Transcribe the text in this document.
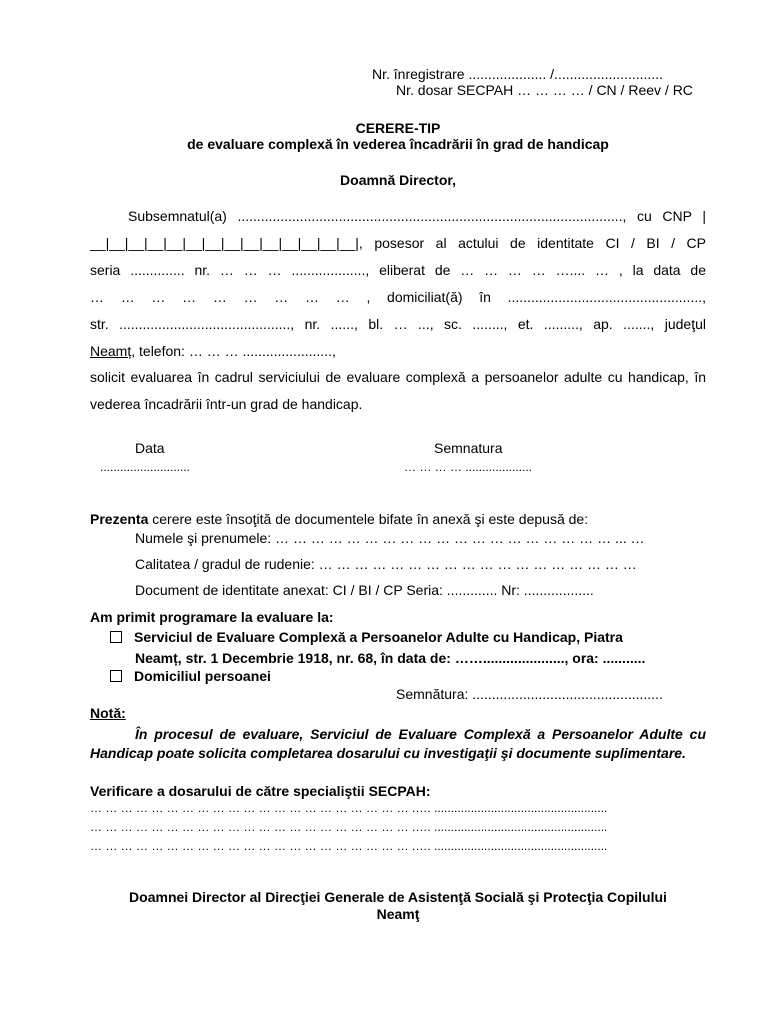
Nr. înregistrare .................... /............................
Nr. dosar SECPAH … … … … / CN / Reev / RC
CERERE-TIP
de evaluare complexă în vederea încadrării în grad de handicap
Doamnă Director,
Subsemnatul(a) ..................................................................................................., cu CNP |
__|__|__|__|__|__|__|__|__|__|__|__|__|__|, posesor al actului de identitate CI / BI / CP
seria .............. nr. … … … ..................., eliberat de … … … … ….... … , la data de
… … … … … … … … … , domiciliat(ă) în ..................................................,
str. ............................................, nr. ......, bl. … ..., sc. ........, et. ........., ap. ......., judeţul
Neamț, telefon: … … … .......................,
solicit evaluarea în cadrul serviciului de evaluare complexă a persoanelor adulte cu handicap, în vederea încadrării într-un grad de handicap.
Data
...........................
Semnatura
… … … … ....................
Prezenta cerere este însoţită de documentele bifate în anexă şi este depusă de:
Numele şi prenumele: … … … … … … … … … … … … … … … … … … … ... …
Calitatea / gradul de rudenie: … … … … … … … … … … … … … … … … … …
Document de identitate anexat: CI / BI / CP Seria: ............. Nr: ..................
Am primit programare la evaluare la:
Serviciul de Evaluare Complexă a Persoanelor Adulte cu Handicap, Piatra
Neamț, str. 1 Decembrie 1918, nr. 68, în data de: ……....................., ora: ...........
Domiciliul persoanei
Semnătura: .................................................
Notă:
În procesul de evaluare, Serviciul de Evaluare Complexă a Persoanelor Adulte cu Handicap poate solicita completarea dosarului cu investigaţii şi documente suplimentare.
Verificare a dosarului de către specialiştii SECPAH:
… … … … … … … … … … … … … … … … … … … … … .…. ....................................................
… … … … … … … … … … … … … … … … … … … … … .…. ....................................................
… … … … … … … … … … … … … … … … … … … … … .…. ....................................................
Doamnei Director al Direcţiei Generale de Asistenţă Socială şi Protecţia Copilului
Neamţ
